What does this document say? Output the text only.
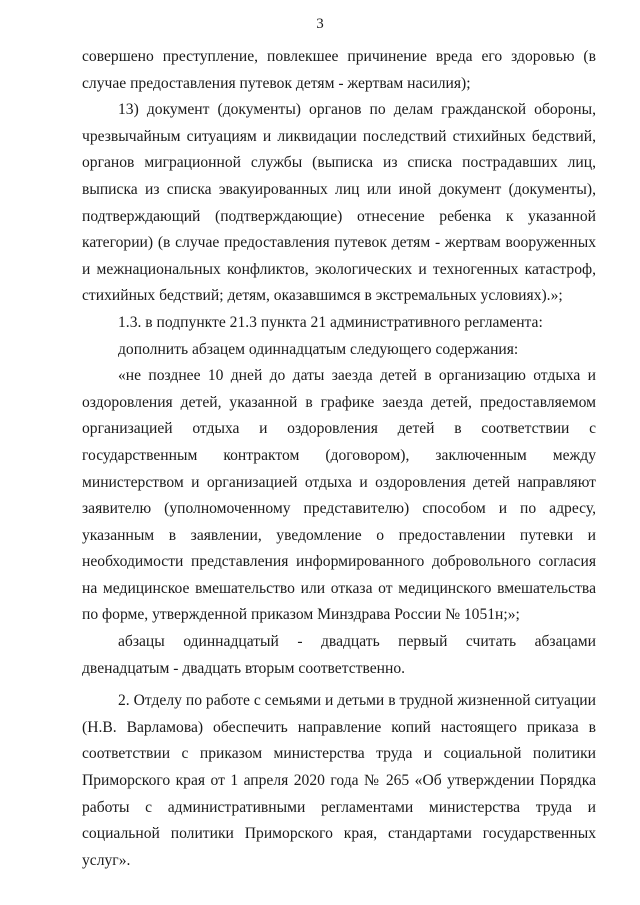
3

совершено преступление, повлекшее причинение вреда его здоровью (в случае предоставления путевок детям - жертвам насилия);

13) документ (документы) органов по делам гражданской обороны, чрезвычайным ситуациям и ликвидации последствий стихийных бедствий, органов миграционной службы (выписка из списка пострадавших лиц, выписка из списка эвакуированных лиц или иной документ (документы), подтверждающий (подтверждающие) отнесение ребенка к указанной категории) (в случае предоставления путевок детям - жертвам вооруженных и межнациональных конфликтов, экологических и техногенных катастроф, стихийных бедствий; детям, оказавшимся в экстремальных условиях).»;

1.3. в подпункте 21.3 пункта 21 административного регламента:

дополнить абзацем одиннадцатым следующего содержания:

«не позднее 10 дней до даты заезда детей в организацию отдыха и оздоровления детей, указанной в графике заезда детей, предоставляемом организацией отдыха и оздоровления детей в соответствии с государственным контрактом (договором), заключенным между министерством и организацией отдыха и оздоровления детей направляют заявителю (уполномоченному представителю) способом и по адресу, указанным в заявлении, уведомление о предоставлении путевки и необходимости представления информированного добровольного согласия на медицинское вмешательство или отказа от медицинского вмешательства по форме, утвержденной приказом Минздрава России № 1051н;»;

абзацы одиннадцатый - двадцать первый считать абзацами двенадцатым - двадцать вторым соответственно.

2. Отделу по работе с семьями и детьми в трудной жизненной ситуации (Н.В. Варламова) обеспечить направление копий настоящего приказа в соответствии с приказом министерства труда и социальной политики Приморского края от 1 апреля 2020 года № 265 «Об утверждении Порядка работы с административными регламентами министерства труда и социальной политики Приморского края, стандартами государственных услуг».
